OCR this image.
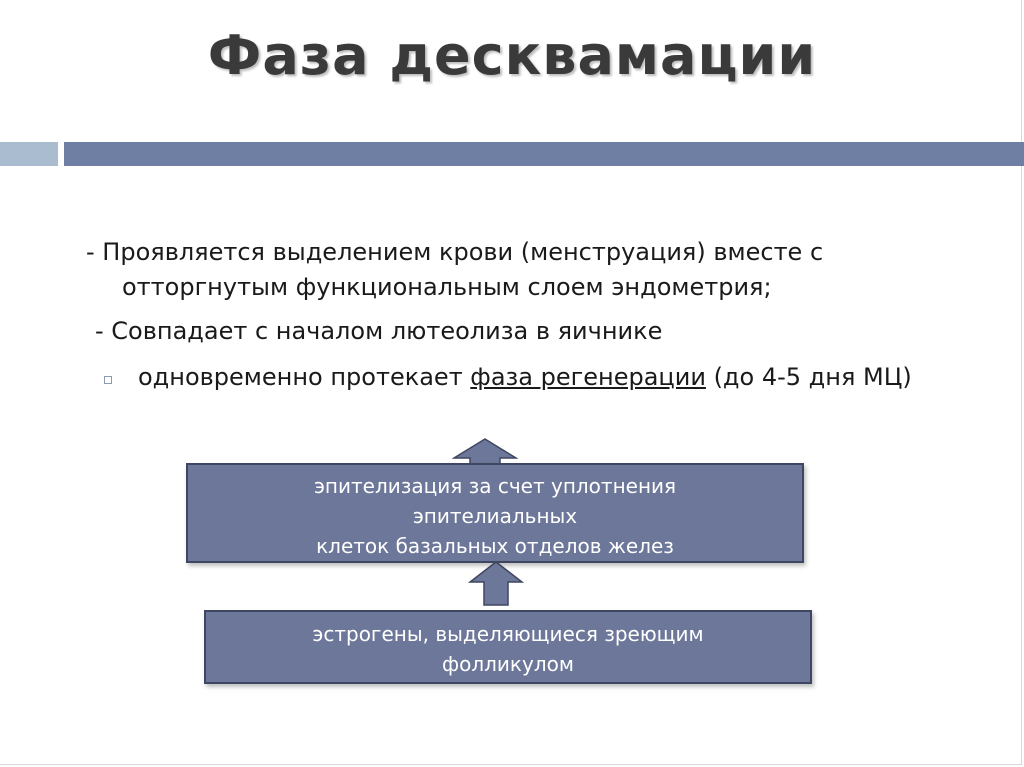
Фаза десквамации
- Проявляется выделением крови (менструация) вместе с
отторгнутым функциональным слоем эндометрия;
- Совпадает с началом лютеолиза в яичнике
одновременно протекает фаза регенерации (до 4-5 дня МЦ)
эпителизация за счет уплотнения
эпителиальных
клеток базальных отделов желез
эстрогены, выделяющиеся зреющим
фолликулом
